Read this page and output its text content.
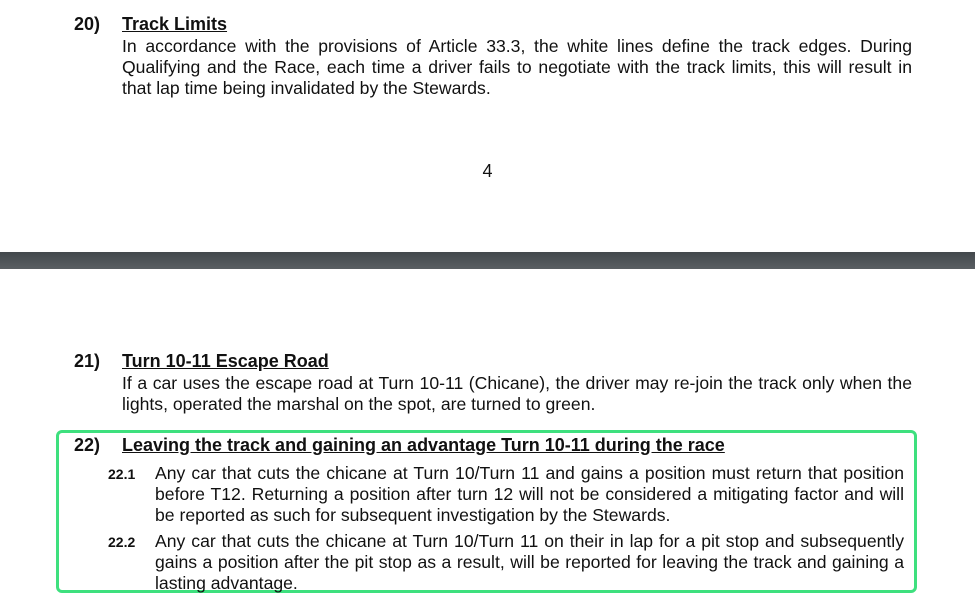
20) Track Limits
In accordance with the provisions of Article 33.3, the white lines define the track edges. During Qualifying and the Race, each time a driver fails to negotiate with the track limits, this will result in that lap time being invalidated by the Stewards.
4
21) Turn 10-11 Escape Road
If a car uses the escape road at Turn 10-11 (Chicane), the driver may re-join the track only when the lights, operated the marshal on the spot, are turned to green.
22) Leaving the track and gaining an advantage Turn 10-11 during the race
22.1 Any car that cuts the chicane at Turn 10/Turn 11 and gains a position must return that position before T12. Returning a position after turn 12 will not be considered a mitigating factor and will be reported as such for subsequent investigation by the Stewards.
22.2 Any car that cuts the chicane at Turn 10/Turn 11 on their in lap for a pit stop and subsequently gains a position after the pit stop as a result, will be reported for leaving the track and gaining a lasting advantage.
